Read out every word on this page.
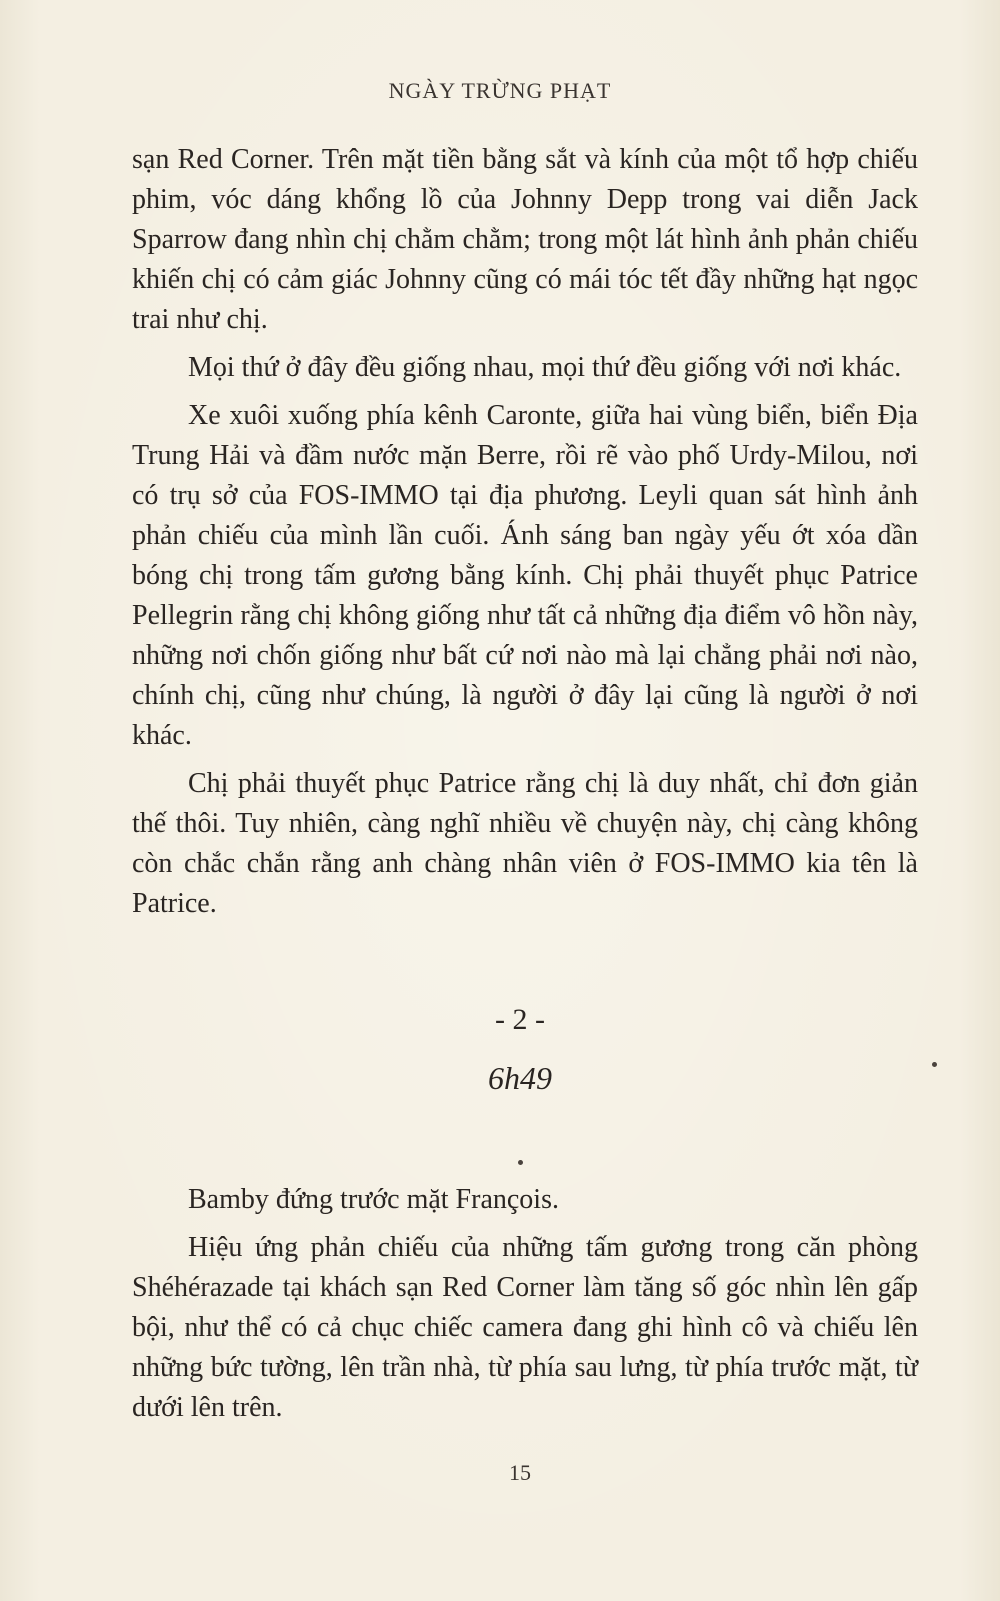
NGÀY TRỪNG PHẠT

sạn Red Corner. Trên mặt tiền bằng sắt và kính của một tổ hợp chiếu phim, vóc dáng khổng lồ của Johnny Depp trong vai diễn Jack Sparrow đang nhìn chị chằm chằm; trong một lát hình ảnh phản chiếu khiến chị có cảm giác Johnny cũng có mái tóc tết đầy những hạt ngọc trai như chị.

Mọi thứ ở đây đều giống nhau, mọi thứ đều giống với nơi khác.

Xe xuôi xuống phía kênh Caronte, giữa hai vùng biển, biển Địa Trung Hải và đầm nước mặn Berre, rồi rẽ vào phố Urdy-Milou, nơi có trụ sở của FOS-IMMO tại địa phương. Leyli quan sát hình ảnh phản chiếu của mình lần cuối. Ánh sáng ban ngày yếu ớt xóa dần bóng chị trong tấm gương bằng kính. Chị phải thuyết phục Patrice Pellegrin rằng chị không giống như tất cả những địa điểm vô hồn này, những nơi chốn giống như bất cứ nơi nào mà lại chẳng phải nơi nào, chính chị, cũng như chúng, là người ở đây lại cũng là người ở nơi khác.

Chị phải thuyết phục Patrice rằng chị là duy nhất, chỉ đơn giản thế thôi. Tuy nhiên, càng nghĩ nhiều về chuyện này, chị càng không còn chắc chắn rằng anh chàng nhân viên ở FOS-IMMO kia tên là Patrice.

- 2 -
6h49

Bamby đứng trước mặt François.

Hiệu ứng phản chiếu của những tấm gương trong căn phòng Shéhérazade tại khách sạn Red Corner làm tăng số góc nhìn lên gấp bội, như thể có cả chục chiếc camera đang ghi hình cô và chiếu lên những bức tường, lên trần nhà, từ phía sau lưng, từ phía trước mặt, từ dưới lên trên.

15
